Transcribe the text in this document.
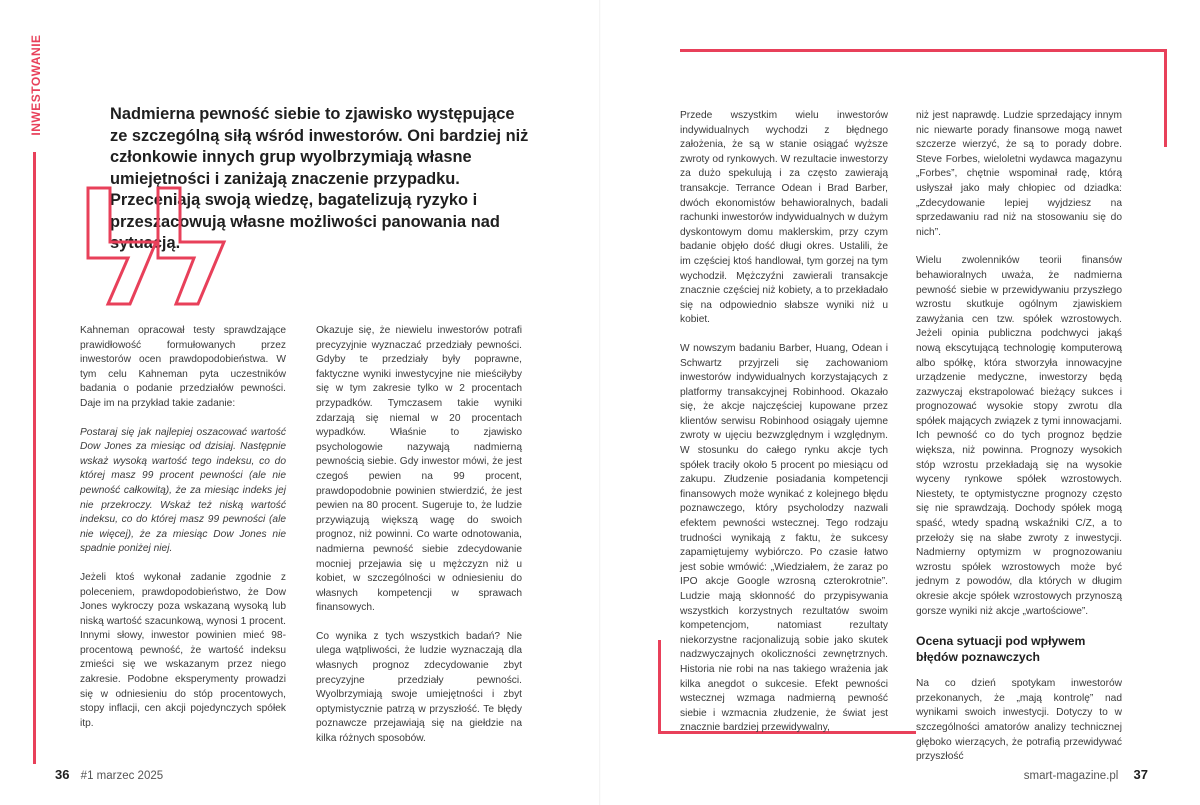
INWESTOWANIE	Nadmierna pewność siebie to zjawisko występujące ze szczególną siłą wśród inwestorów. Oni bardziej niż członkowie innych grup wyolbrzymiają własne umiejętności i zaniżają znaczenie przypadku. Przeceniają swoją wiedzę, bagatelizują ryzyko i przeszacowują własne możliwości panowania nad sytuacją.

Kahneman opracował testy sprawdzające prawidłowość formułowanych przez inwestorów ocen prawdopodobieństwa. W tym celu Kahneman pyta uczestników badania o podanie przedziałów pewności. Daje im na przykład takie zadanie:

Postaraj się jak najlepiej oszacować wartość Dow Jones za miesiąc od dzisiaj. Następnie wskaż wysoką wartość tego indeksu, co do której masz 99 procent pewności (ale nie pewność całkowitą), że za miesiąc indeks jej nie przekroczy. Wskaż też niską wartość indeksu, co do której masz 99 pewności (ale nie więcej), że za miesiąc Dow Jones nie spadnie poniżej niej.

Jeżeli ktoś wykonał zadanie zgodnie z poleceniem, prawdopodobieństwo, że Dow Jones wykroczy poza wskazaną wysoką lub niską wartość szacunkową, wynosi 1 procent. Innymi słowy, inwestor powinien mieć 98-procentową pewność, że wartość indeksu zmieści się we wskazanym przez niego zakresie. Podobne eksperymenty prowadzi się w odniesieniu do stóp procentowych, stopy inflacji, cen akcji pojedynczych spółek itp.

Okazuje się, że niewielu inwestorów potrafi precyzyjnie wyznaczać przedziały pewności. Gdyby te przedziały były poprawne, faktyczne wyniki inwestycyjne nie mieściłyby się w tym zakresie tylko w 2 procentach przypadków. Tymczasem takie wyniki zdarzają się niemal w 20 procentach wypadków. Właśnie to zjawisko psychologowie nazywają nadmierną pewnością siebie. Gdy inwestor mówi, że jest czegoś pewien na 99 procent, prawdopodobnie powinien stwierdzić, że jest pewien na 80 procent. Sugeruje to, że ludzie przywiązują większą wagę do swoich prognoz, niż powinni. Co warte odnotowania, nadmierna pewność siebie zdecydowanie mocniej przejawia się u mężczyzn niż u kobiet, w szczególności w odniesieniu do własnych kompetencji w sprawach finansowych.

Co wynika z tych wszystkich badań? Nie ulega wątpliwości, że ludzie wyznaczają dla własnych prognoz zdecydowanie zbyt precyzyjne przedziały pewności. Wyolbrzymiają swoje umiejętności i zbyt optymistycznie patrzą w przyszłość. Te błędy poznawcze przejawiają się na giełdzie na kilka różnych sposobów.

Przede wszystkim wielu inwestorów indywidualnych wychodzi z błędnego założenia, że są w stanie osiągać wyższe zwroty od rynkowych. W rezultacie inwestorzy za dużo spekulują i za często zawierają transakcje. Terrance Odean i Brad Barber, dwóch ekonomistów behawioralnych, badali rachunki inwestorów indywidualnych w dużym dyskontowym domu maklerskim, przy czym badanie objęło dość długi okres. Ustalili, że im częściej ktoś handlował, tym gorzej na tym wychodził. Mężczyźni zawierali transakcje znacznie częściej niż kobiety, a to przekładało się na odpowiednio słabsze wyniki niż u kobiet.

W nowszym badaniu Barber, Huang, Odean i Schwartz przyjrzeli się zachowaniom inwestorów indywidualnych korzystających z platformy transakcyjnej Robinhood. Okazało się, że akcje najczęściej kupowane przez klientów serwisu Robinhood osiągały ujemne zwroty w ujęciu bezwzględnym i względnym. W stosunku do całego rynku akcje tych spółek traciły około 5 procent po miesiącu od zakupu. Złudzenie posiadania kompetencji finansowych może wynikać z kolejnego błędu poznawczego, który psycholodzy nazwali efektem pewności wstecznej. Tego rodzaju trudności wynikają z faktu, że sukcesy zapamiętujemy wybiórczo. Po czasie łatwo jest sobie wmówić: „Wiedziałem, że zaraz po IPO akcje Google wzrosną czterokrotnie”. Ludzie mają skłonność do przypisywania wszystkich korzystnych rezultatów swoim kompetencjom, natomiast rezultaty niekorzystne racjonalizują sobie jako skutek nadzwyczajnych okoliczności zewnętrznych. Historia nie robi na nas takiego wrażenia jak kilka anegdot o sukcesie. Efekt pewności wstecznej wzmaga nadmierną pewność siebie i wzmacnia złudzenie, że świat jest znacznie bardziej przewidywalny,

niż jest naprawdę. Ludzie sprzedający innym nic niewarte porady finansowe mogą nawet szczerze wierzyć, że są to porady dobre. Steve Forbes, wieloletni wydawca magazynu „Forbes”, chętnie wspominał radę, którą usłyszał jako mały chłopiec od dziadka: „Zdecydowanie lepiej wyjdziesz na sprzedawaniu rad niż na stosowaniu się do nich”.

Wielu zwolenników teorii finansów behawioralnych uważa, że nadmierna pewność siebie w przewidywaniu przyszłego wzrostu skutkuje ogólnym zjawiskiem zawyżania cen tzw. spółek wzrostowych. Jeżeli opinia publiczna podchwyci jakąś nową ekscytującą technologię komputerową albo spółkę, która stworzyła innowacyjne urządzenie medyczne, inwestorzy będą zazwyczaj ekstrapolować bieżący sukces i prognozować wysokie stopy zwrotu dla spółek mających związek z tymi innowacjami. Ich pewność co do tych prognoz będzie większa, niż powinna. Prognozy wysokich stóp wzrostu przekładają się na wysokie wyceny rynkowe spółek wzrostowych. Niestety, te optymistyczne prognozy często się nie sprawdzają. Dochody spółek mogą spaść, wtedy spadną wskaźniki C/Z, a to przełoży się na słabe zwroty z inwestycji. Nadmierny optymizm w prognozowaniu wzrostu spółek wzrostowych może być jednym z powodów, dla których w długim okresie akcje spółek wzrostowych przynoszą gorsze wyniki niż akcje „wartościowe”.

Ocena sytuacji pod wpływem błędów poznawczych

Na co dzień spotykam inwestorów przekonanych, że „mają kontrolę” nad wynikami swoich inwestycji. Dotyczy to w szczególności amatorów analizy technicznej głęboko wierzących, że potrafią przewidywać przyszłość

36 #1 marzec 2025	smart-magazine.pl 37
